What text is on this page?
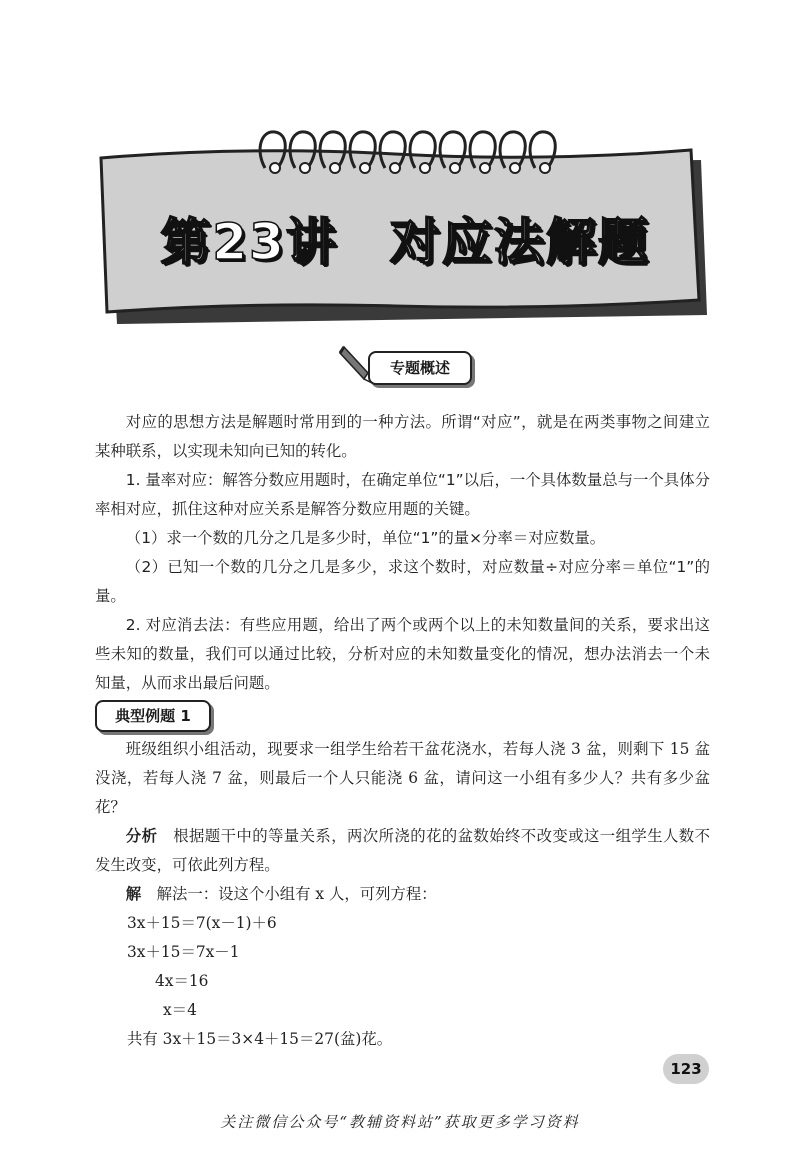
第23讲　对应法解题
专题概述

对应的思想方法是解题时常用到的一种方法。所谓“对应”，就是在两类事物之间建立某种联系，以实现未知向已知的转化。

1. 量率对应：解答分数应用题时，在确定单位“1”以后，一个具体数量总与一个具体分率相对应，抓住这种对应关系是解答分数应用题的关键。

（1）求一个数的几分之几是多少时，单位“1”的量×分率＝对应数量。

（2）已知一个数的几分之几是多少，求这个数时，对应数量÷对应分率＝单位“1”的量。

2. 对应消去法：有些应用题，给出了两个或两个以上的未知数量间的关系，要求出这些未知的数量，我们可以通过比较，分析对应的未知数量变化的情况，想办法消去一个未知量，从而求出最后问题。

典型例题 1

班级组织小组活动，现要求一组学生给若干盆花浇水，若每人浇 3 盆，则剩下 15 盆没浇，若每人浇 7 盆，则最后一个人只能浇 6 盆，请问这一小组有多少人？共有多少盆花？

分析　根据题干中的等量关系，两次所浇的花的盆数始终不改变或这一组学生人数不发生改变，可依此列方程。

解　解法一：设这个小组有 x 人，可列方程：

3x＋15＝7(x－1)＋6

3x＋15＝7x－1

4x＝16

x＝4

共有 3x＋15＝3×4＋15＝27(盆)花。

123
关注微信公众号“教辅资料站”获取更多学习资料
